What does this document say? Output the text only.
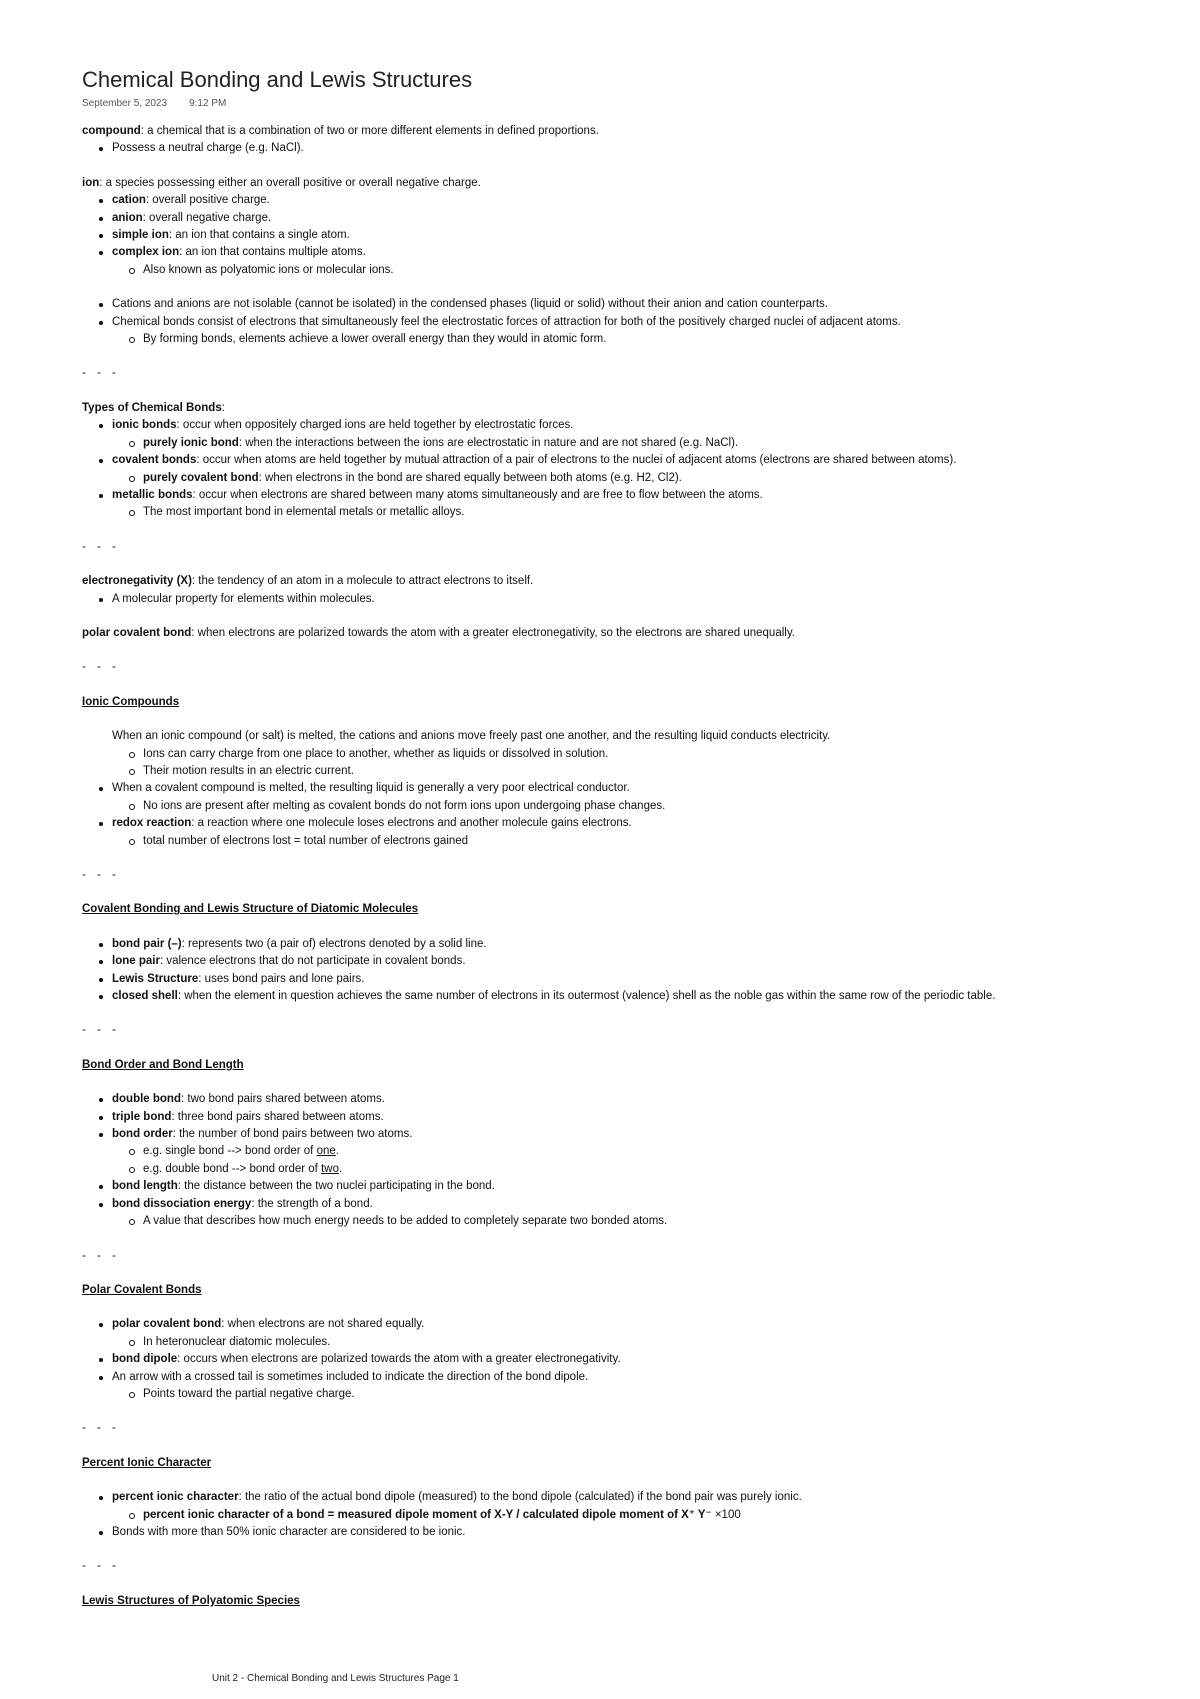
Chemical Bonding and Lewis Structures
September 5, 2023 9:12 PM

compound: a chemical that is a combination of two or more different elements in defined proportions.

Possess a neutral charge (e.g. NaCl).

ion: a species possessing either an overall positive or overall negative charge.

cation: overall positive charge.
anion: overall negative charge.
simple ion: an ion that contains a single atom.
complex ion: an ion that contains multiple atoms.
Also known as polyatomic ions or molecular ions.
Cations and anions are not isolable (cannot be isolated) in the condensed phases (liquid or solid) without their anion and cation counterparts.
Chemical bonds consist of electrons that simultaneously feel the electrostatic forces of attraction for both of the positively charged nuclei of adjacent atoms.
By forming bonds, elements achieve a lower overall energy than they would in atomic form.

- - -

Types of Chemical Bonds:

ionic bonds: occur when oppositely charged ions are held together by electrostatic forces.
purely ionic bond: when the interactions between the ions are electrostatic in nature and are not shared (e.g. NaCl).
covalent bonds: occur when atoms are held together by mutual attraction of a pair of electrons to the nuclei of adjacent atoms (electrons are shared between atoms).
purely covalent bond: when electrons in the bond are shared equally between both atoms (e.g. H2, Cl2).
metallic bonds: occur when electrons are shared between many atoms simultaneously and are free to flow between the atoms.
The most important bond in elemental metals or metallic alloys.

- - -

electronegativity (X): the tendency of an atom in a molecule to attract electrons to itself.

A molecular property for elements within molecules.

polar covalent bond: when electrons are polarized towards the atom with a greater electronegativity, so the electrons are shared unequally.

- - -

Ionic Compounds

When an ionic compound (or salt) is melted, the cations and anions move freely past one another, and the resulting liquid conducts electricity.

Ions can carry charge from one place to another, whether as liquids or dissolved in solution.
Their motion results in an electric current.
When a covalent compound is melted, the resulting liquid is generally a very poor electrical conductor.
No ions are present after melting as covalent bonds do not form ions upon undergoing phase changes.
redox reaction: a reaction where one molecule loses electrons and another molecule gains electrons.
total number of electrons lost = total number of electrons gained

- - -

Covalent Bonding and Lewis Structure of Diatomic Molecules

bond pair (–): represents two (a pair of) electrons denoted by a solid line.
lone pair: valence electrons that do not participate in covalent bonds.
Lewis Structure: uses bond pairs and lone pairs.
closed shell: when the element in question achieves the same number of electrons in its outermost (valence) shell as the noble gas within the same row of the periodic table.

- - -

Bond Order and Bond Length

double bond: two bond pairs shared between atoms.
triple bond: three bond pairs shared between atoms.
bond order: the number of bond pairs between two atoms.
e.g. single bond --> bond order of one.
e.g. double bond --> bond order of two.
bond length: the distance between the two nuclei participating in the bond.
bond dissociation energy: the strength of a bond.
A value that describes how much energy needs to be added to completely separate two bonded atoms.

- - -

Polar Covalent Bonds

polar covalent bond: when electrons are not shared equally.
In heteronuclear diatomic molecules.
bond dipole: occurs when electrons are polarized towards the atom with a greater electronegativity.
An arrow with a crossed tail is sometimes included to indicate the direction of the bond dipole.
Points toward the partial negative charge.

- - -

Percent Ionic Character

percent ionic character: the ratio of the actual bond dipole (measured) to the bond dipole (calculated) if the bond pair was purely ionic.
percent ionic character of a bond = measured dipole moment of X-Y / calculated dipole moment of X⁺ Y⁻ ×100
Bonds with more than 50% ionic character are considered to be ionic.

- - -

Lewis Structures of Polyatomic Species

Unit 2 - Chemical Bonding and Lewis Structures Page 1
